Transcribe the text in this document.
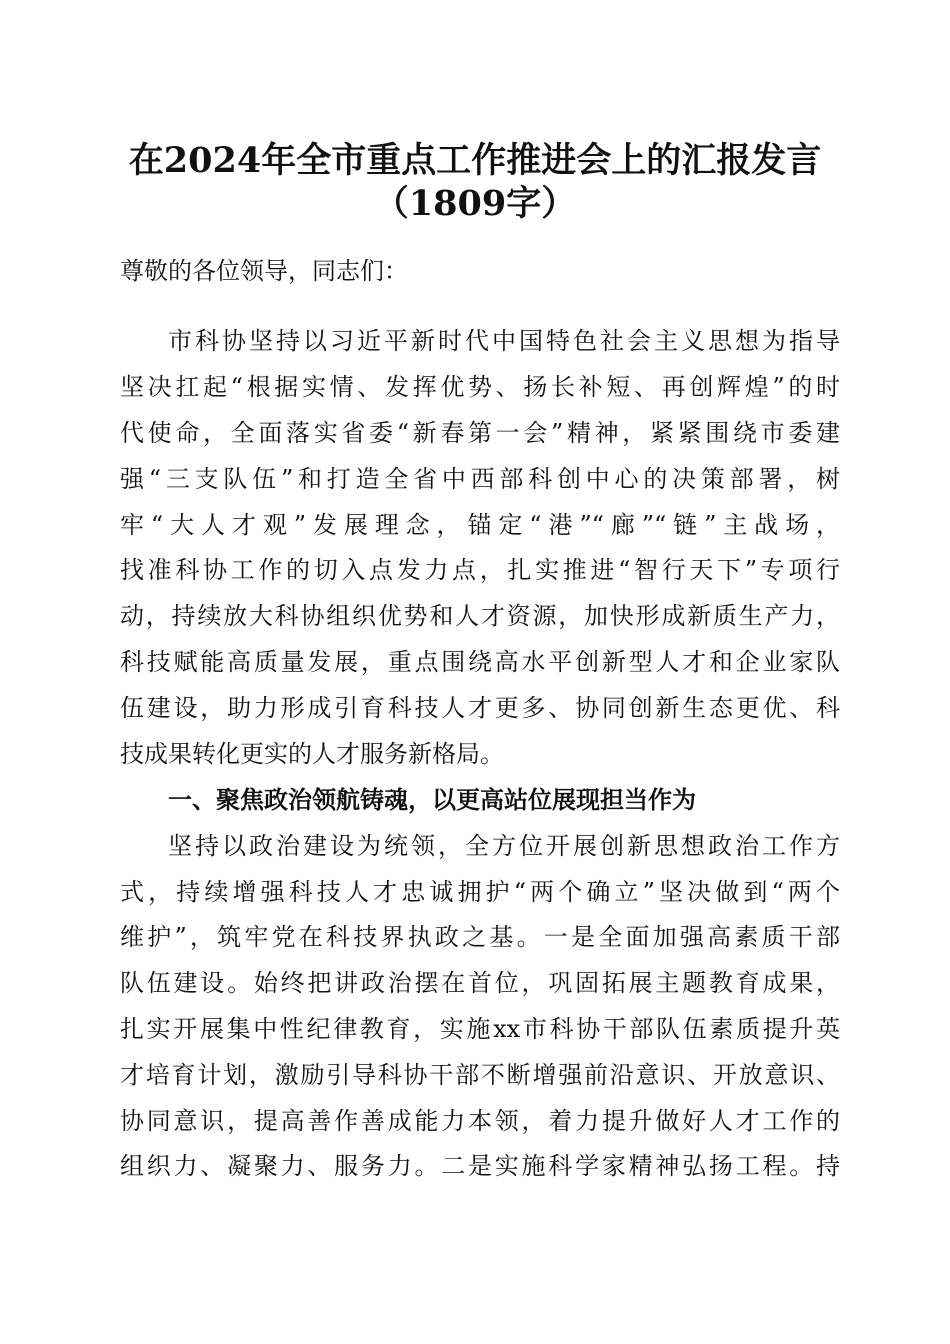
在2024年全市重点工作推进会上的汇报发言
（1809字）
尊敬的各位领导，同志们：
市科协坚持以习近平新时代中国特色社会主义思想为指导
坚决扛起“根据实情、发挥优势、扬长补短、再创辉煌”的时
代使命，全面落实省委“新春第一会”精神，紧紧围绕市委建
强“三支队伍”和打造全省中西部科创中心的决策部署，树
牢“大人才观”发展理念，锚定“港”“廊”“链”主战场，
找准科协工作的切入点发力点，扎实推进“智行天下”专项行
动，持续放大科协组织优势和人才资源，加快形成新质生产力，
科技赋能高质量发展，重点围绕高水平创新型人才和企业家队
伍建设，助力形成引育科技人才更多、协同创新生态更优、科
技成果转化更实的人才服务新格局。
一、聚焦政治领航铸魂，以更高站位展现担当作为
坚持以政治建设为统领，全方位开展创新思想政治工作方
式，持续增强科技人才忠诚拥护“两个确立”坚决做到“两个
维护”，筑牢党在科技界执政之基。一是全面加强高素质干部
队伍建设。始终把讲政治摆在首位，巩固拓展主题教育成果，
扎实开展集中性纪律教育，实施xx市科协干部队伍素质提升英
才培育计划，激励引导科协干部不断增强前沿意识、开放意识、
协同意识，提高善作善成能力本领，着力提升做好人才工作的
组织力、凝聚力、服务力。二是实施科学家精神弘扬工程。持
